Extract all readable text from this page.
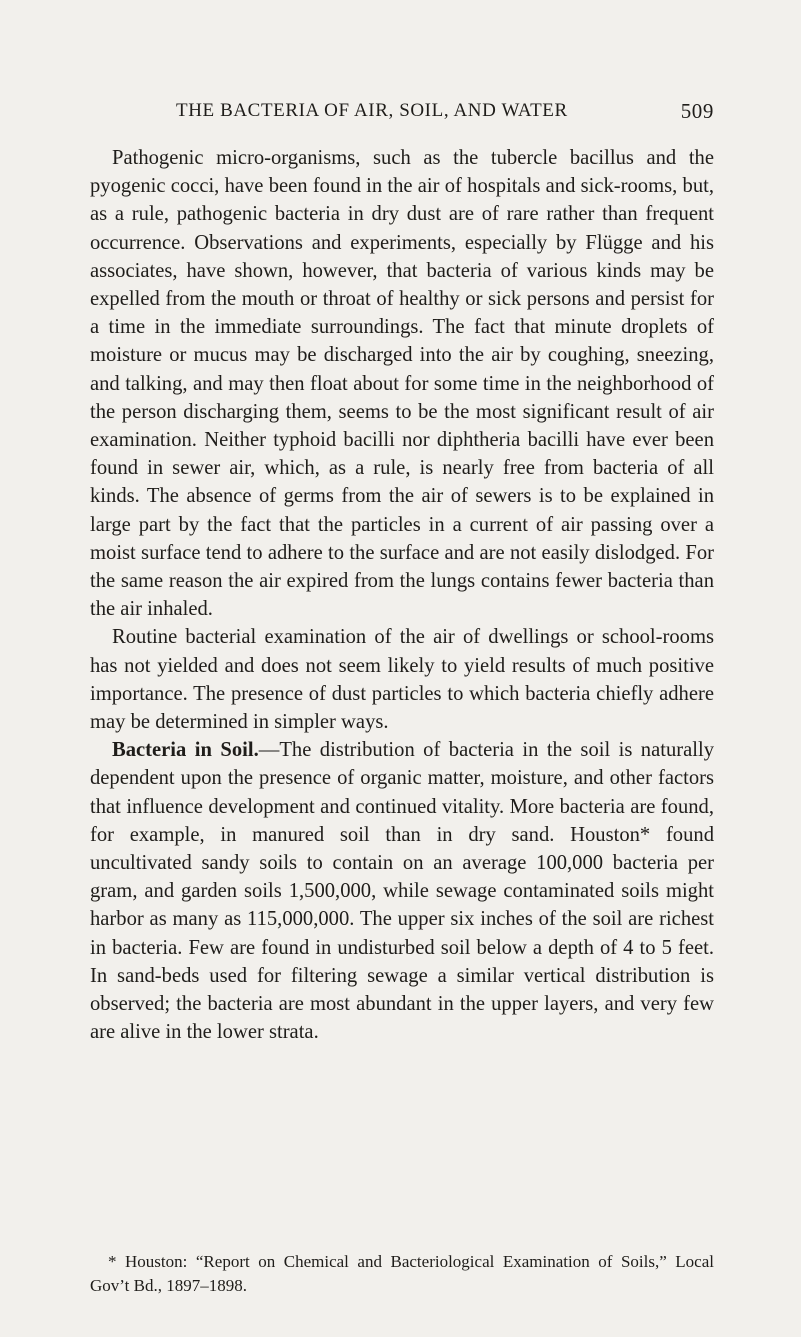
THE BACTERIA OF AIR, SOIL, AND WATER	509

Pathogenic micro-organisms, such as the tubercle bacillus and the pyogenic cocci, have been found in the air of hospitals and sick-rooms, but, as a rule, pathogenic bacteria in dry dust are of rare rather than frequent occurrence. Observations and experiments, especially by Flügge and his associates, have shown, however, that bacteria of various kinds may be expelled from the mouth or throat of healthy or sick persons and persist for a time in the immediate surroundings. The fact that minute droplets of moisture or mucus may be discharged into the air by coughing, sneezing, and talking, and may then float about for some time in the neighborhood of the person discharging them, seems to be the most significant result of air examination. Neither typhoid bacilli nor diphtheria bacilli have ever been found in sewer air, which, as a rule, is nearly free from bacteria of all kinds. The absence of germs from the air of sewers is to be explained in large part by the fact that the particles in a current of air passing over a moist surface tend to adhere to the surface and are not easily dislodged. For the same reason the air expired from the lungs contains fewer bacteria than the air inhaled.

Routine bacterial examination of the air of dwellings or school-rooms has not yielded and does not seem likely to yield results of much positive importance. The presence of dust particles to which bacteria chiefly adhere may be determined in simpler ways.

Bacteria in Soil.—The distribution of bacteria in the soil is naturally dependent upon the presence of organic matter, moisture, and other factors that influence development and continued vitality. More bacteria are found, for example, in manured soil than in dry sand. Houston* found uncultivated sandy soils to contain on an average 100,000 bacteria per gram, and garden soils 1,500,000, while sewage contaminated soils might harbor as many as 115,000,000. The upper six inches of the soil are richest in bacteria. Few are found in undisturbed soil below a depth of 4 to 5 feet. In sand-beds used for filtering sewage a similar vertical distribution is observed; the bacteria are most abundant in the upper layers, and very few are alive in the lower strata.

* Houston: “Report on Chemical and Bacteriological Examination of Soils,” Local Gov’t Bd., 1897–1898.
